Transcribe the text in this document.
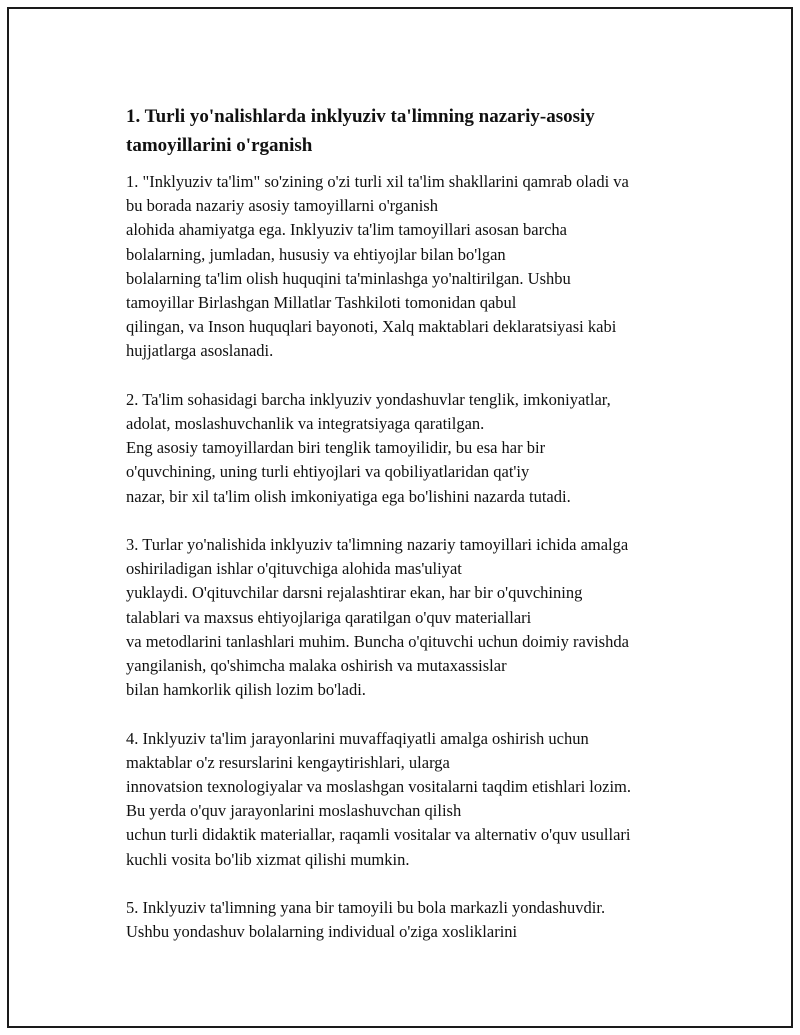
1. Turli yo'nalishlarda inklyuziv ta'limning nazariy-asosiy
tamoyillarini o'rganish

1. "Inklyuziv ta'lim" so'zining o'zi turli xil ta'lim shakllarini qamrab oladi va
bu borada nazariy asosiy tamoyillarni o'rganish
alohida ahamiyatga ega. Inklyuziv ta'lim tamoyillari asosan barcha
bolalarning, jumladan, hususiy va ehtiyojlar bilan bo'lgan
bolalarning ta'lim olish huquqini ta'minlashga yo'naltirilgan. Ushbu
tamoyillar Birlashgan Millatlar Tashkiloti tomonidan qabul
qilingan, va Inson huquqlari bayonoti, Xalq maktablari deklaratsiyasi kabi
hujjatlarga asoslanadi.

2. Ta'lim sohasidagi barcha inklyuziv yondashuvlar tenglik, imkoniyatlar,
adolat, moslashuvchanlik va integratsiyaga qaratilgan.
Eng asosiy tamoyillardan biri tenglik tamoyilidir, bu esa har bir
o'quvchining, uning turli ehtiyojlari va qobiliyatlaridan qat'iy
nazar, bir xil ta'lim olish imkoniyatiga ega bo'lishini nazarda tutadi.

3. Turlar yo'nalishida inklyuziv ta'limning nazariy tamoyillari ichida amalga
oshiriladigan ishlar o'qituvchiga alohida mas'uliyat
yuklaydi. O'qituvchilar darsni rejalashtirar ekan, har bir o'quvchining
talablari va maxsus ehtiyojlariga qaratilgan o'quv materiallari
va metodlarini tanlashlari muhim. Buncha o'qituvchi uchun doimiy ravishda
yangilanish, qo'shimcha malaka oshirish va mutaxassislar
bilan hamkorlik qilish lozim bo'ladi.

4. Inklyuziv ta'lim jarayonlarini muvaffaqiyatli amalga oshirish uchun
maktablar o'z resurslarini kengaytirishlari, ularga
innovatsion texnologiyalar va moslashgan vositalarni taqdim etishlari lozim.
Bu yerda o'quv jarayonlarini moslashuvchan qilish
uchun turli didaktik materiallar, raqamli vositalar va alternativ o'quv usullari
kuchli vosita bo'lib xizmat qilishi mumkin.

5. Inklyuziv ta'limning yana bir tamoyili bu bola markazli yondashuvdir.
Ushbu yondashuv bolalarning individual o'ziga xosliklarini
